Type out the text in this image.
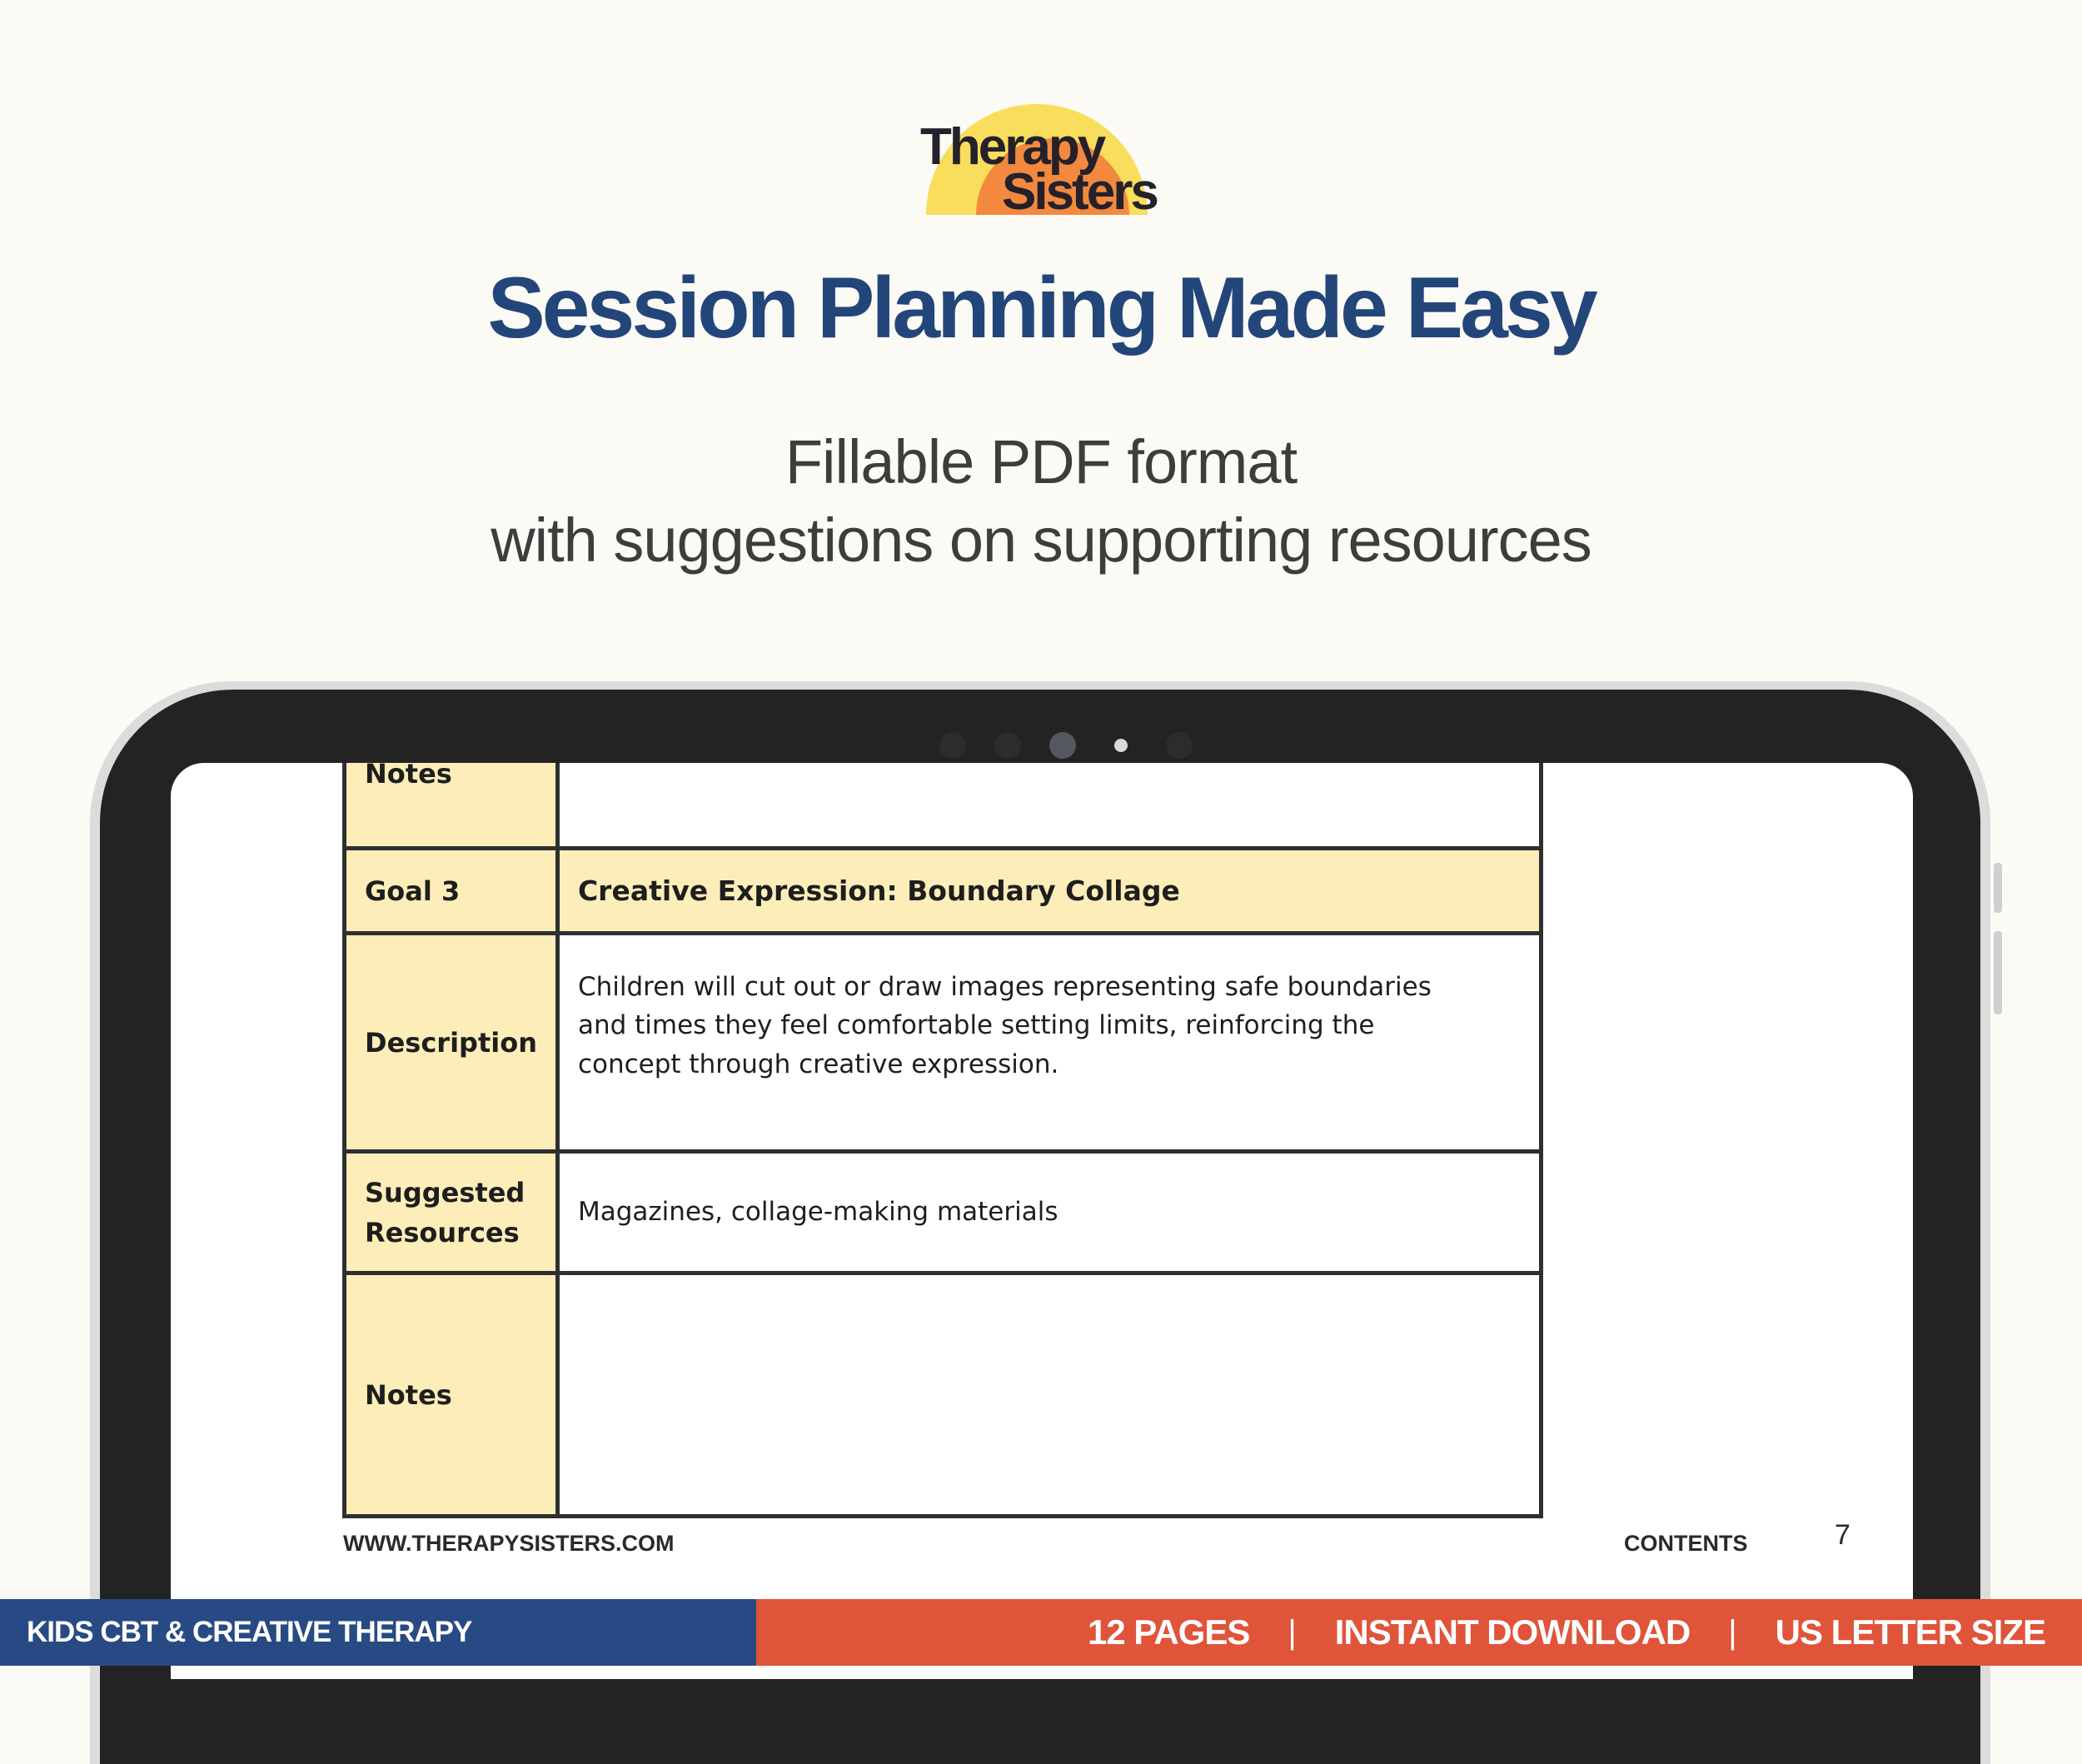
Therapy
Sisters
Session Planning Made Easy
Fillable PDF format
with suggestions on supporting resources
Notes	
Goal 3	Creative Expression: Boundary Collage
Description	Children will cut out or draw images representing safe boundaries and times they feel comfortable setting limits, reinforcing the concept through creative expression.
Suggested Resources	Magazines, collage-making materials
Notes	
WWW.THERAPYSISTERS.COM	CONTENTS	7
KIDS CBT & CREATIVE THERAPY	12 PAGES | INSTANT DOWNLOAD | US LETTER SIZE
